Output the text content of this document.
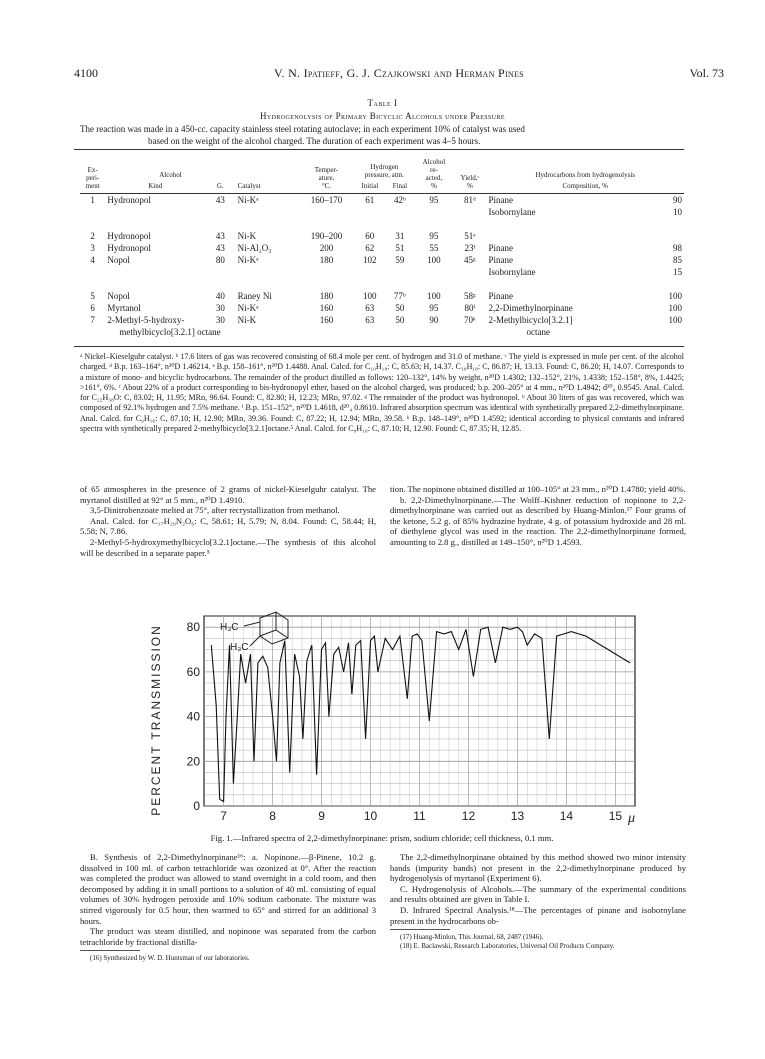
4100	V. N. Ipatieff, G. J. Czajkowski and Herman Pines	Vol. 73
Table I
Hydrogenolysis of Primary Bicyclic Alcohols under Pressure
The reaction was made in a 450-cc. capacity stainless steel rotating autoclave; in each experiment 10% of catalyst was used
based on the weight of the alcohol charged. The duration of each experiment was 4–5 hours.
Ex-
peri-
ment	Alcohol		Catalyst	Temper-
ature,
°C.	Hydrogen
pressure, atm.		Alcohol
re-
acted,
%	Yield,ᶜ
%	Hydrocarbons from hydrogenolysis	
	Kind	G.			Initial	Final			Composition, %	

1	Hydronopol	43	Ni-Kᵃ	160–170	61	42ᵇ	95	81ᵈ	Pinane	90
									Isobornylane	10

2	Hydronopol	43	Ni-K	190–200	60	31	95	51ᵉ		
3	Hydronopol	43	Ni-Al₂O₃	200	62	51	55	23ᶠ	Pinane	98
4	Nopol	80	Ni-Kᵃ	180	102	59	100	45ᵍ	Pinane	85
									Isobornylane	15

5	Nopol	40	Raney Ni	180	100	77ʰ	100	58ᵍ	Pinane	100
6	Myrtanol	30	Ni-Kᵃ	160	63	50	95	80ⁱ	2,2-Dimethylnorpinane	100
7	2-Methyl-5-hydroxy-	30	Ni-K	160	63	50	90	70ᵏ	2-Methylbicyclo[3.2.1]	100
	methylbicyclo[3.2.1] octane								octane	
ᵃ Nickel–Kieselguhr catalyst. ᵇ 17.6 liters of gas was recovered consisting of 68.4 mole per cent. of hydrogen and 31.0 of methane. ᶜ The yield is expressed in mole per cent. of the alcohol charged. ᵈ B.p. 163–164°, n²⁰D 1.46214. ᵉ B.p. 158–161°, n²⁰D 1.4488. Anal. Calcd. for C₁₀H₁₈: C, 85.63; H, 14.37. C₁₀H₁₈: C, 86.87; H, 13.13. Found: C, 86.20; H, 14.07. Corresponds to a mixture of mono- and bicyclic hydrocarbons. The remainder of the product distilled as follows: 120–132°, 14% by weight, n²⁰D 1.4302; 132–152°, 21%, 1.4338; 152–158°, 8%, 1.4425; >161°, 6%. ᶠ About 22% of a product corresponding to bis-hydronopyl ether, based on the alcohol charged, was produced; b.p. 200–205° at 4 mm., n²⁰D 1.4942; d²⁰₄ 0.9545. Anal. Calcd. for C₂₂H₃₈O: C, 83.02; H, 11.95; MRᴅ, 96.64. Found: C, 82.80; H, 12.23; MRᴅ, 97.02. ᵍ The remainder of the product was hydronopol. ʰ About 30 liters of gas was recovered, which was composed of 92.1% hydrogen and 7.5% methane. ⁱ B.p. 151–152°, n²⁰D 1.4618, d²⁰₄ 0.8610. Infrared absorption spectrum was identical with synthetically prepared 2,2-dimethylnorpinane. Anal. Calcd. for C₉H₁₆: C, 87.10; H, 12.90; MRᴅ, 39.36. Found: C, 87.22; H, 12.94; MRᴅ, 39.58. ᵏ B.p. 148–149°, n²⁰D 1.4592; identical according to physical constants and infrared spectra with synthetically prepared 2-methylbicyclo[3.2.1]octane.⁵ Anal. Calcd. for C₉H₁₆: C, 87.10; H, 12.90. Found: C, 87.35; H, 12.85.

of 65 atmospheres in the presence of 2 grams of nickel-Kieselguhr catalyst. The myrtanol distilled at 92° at 5 mm., n²⁰D 1.4910.

3,5-Dinitrobenzoate melted at 75°, after recrystallization from methanol.

Anal. Calcd. for C₁₇H₂₀N₂O₆: C, 58.61; H, 5.79; N, 8.04. Found: C, 58.44; H, 5.58; N, 7.86.

2-Methyl-5-hydroxymethylbicyclo[3.2.1]octane.—The synthesis of this alcohol will be described in a separate paper.⁵

tion. The nopinone obtained distilled at 100–105° at 23 mm., n²⁰D 1.4780; yield 40%.

b. 2,2-Dimethylnorpinane.—The Wolff–Kishner reduction of nopinone to 2,2-dimethylnorpinane was carried out as described by Huang-Minlon.¹⁷ Four grams of the ketone, 5.2 g. of 85% hydrazine hydrate, 4 g. of potassium hydroxide and 28 ml. of diethylene glycol was used in the reaction. The 2,2-dimethylnorpinane formed, amounting to 2.8 g., distilled at 149–150°, n²⁰D 1.4593.

PERCENT TRANSMISSION	0
20
40
60
80
7	8	9	10	11	12	13	14	15
H₃C
H₃C
μ
Fig. 1.—Infrared spectra of 2,2-dimethylnorpinane: prism, sodium chloride; cell thickness, 0.1 mm.

B. Synthesis of 2,2-Dimethylnorpinane¹⁶: a. Nopinone.—β-Pinene, 10.2 g. dissolved in 100 ml. of carbon tetrachloride was ozonized at 0°. After the reaction was completed the product was allowed to stand overnight in a cold room, and then decomposed by adding it in small portions to a solution of 40 ml. consisting of equal volumes of 30% hydrogen peroxide and 10% sodium carbonate. The mixture was stirred vigorously for 0.5 hour, then warmed to 65° and stirred for an additional 3 hours.

The product was steam distilled, and nopinone was separated from the carbon tetrachloride by fractional distilla-

(16) Synthesized by W. D. Huntsman of our laboratories.

The 2,2-dimethylnorpinane obtained by this method showed two minor intensity bands (impurity bands) not present in the 2,2-dimethylnorpinane produced by hydrogenolysis of myrtanol (Experiment 6).

C. Hydrogenolysis of Alcohols.—The summary of the experimental conditions and results obtained are given in Table I.

D. Infrared Spectral Analysis.¹⁸—The percentages of pinane and isobornylane present in the hydrocarbons ob-

(17) Huang-Minlon, This Journal, 68, 2487 (1946).

(18) E. Baclawski, Research Laboratories, Universal Oil Products Company.
